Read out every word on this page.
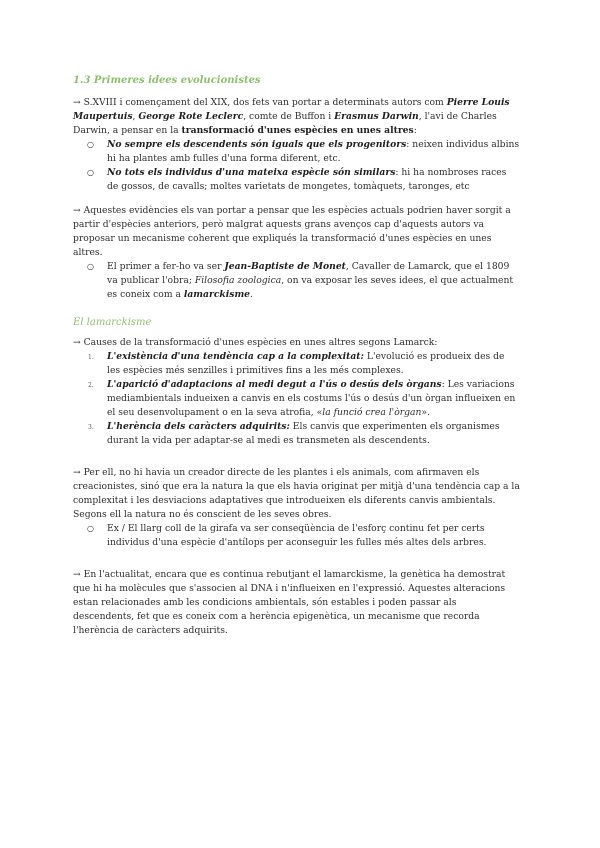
1.3 Primeres idees evolucionistes

→ S.XVIII i començament del XIX, dos fets van portar a determinats autors com Pierre Louis Maupertuis, George Rote Leclerc, comte de Buffon i Erasmus Darwin, l'avi de Charles Darwin, a pensar en la transformació d'unes espècies en unes altres:

○ No sempre els descendents són iguals que els progenitors: neixen individus albins hi ha plantes amb fulles d'una forma diferent, etc.
○ No tots els individus d'una mateixa espècie són similars: hi ha nombroses races de gossos, de cavalls; moltes varietats de mongetes, tomàquets, taronges, etc

→ Aquestes evidències els van portar a pensar que les espècies actuals podrien haver sorgit a partir d'espècies anteriors, però malgrat aquests grans avenços cap d'aquests autors va proposar un mecanisme coherent que expliqués la transformació d'unes espècies en unes altres.

○ El primer a fer-ho va ser Jean-Baptiste de Monet, Cavaller de Lamarck, que el 1809 va publicar l'obra; Filosofia zoologica, on va exposar les seves idees, el que actualment es coneix com a lamarckisme.
El lamarckisme

→ Causes de la transformació d'unes espècies en unes altres segons Lamarck:

1. L'existència d'una tendència cap a la complexitat: L'evolució es produeix des de les espècies més senzilles i primitives fins a les més complexes.
2. L'aparició d'adaptacions al medi degut a l'ús o desús dels òrgans: Les variacions mediambientals indueixen a canvis en els costums l'ús o desús d'un òrgan influeixen en el seu desenvolupament o en la seva atrofia, «la funció crea l'òrgan».
3. L'herència dels caràcters adquirits: Els canvis que experimenten els organismes durant la vida per adaptar-se al medi es transmeten als descendents.

→ Per ell, no hi havia un creador directe de les plantes i els animals, com afirmaven els creacionistes, sinó que era la natura la que els havia originat per mitjà d'una tendència cap a la complexitat i les desviacions adaptatives que introdueixen els diferents canvis ambientals. Segons ell la natura no és conscient de les seves obres.

○ Ex / El llarg coll de la girafa va ser conseqüència de l'esforç continu fet per certs individus d'una espècie d'antílops per aconseguir les fulles més altes dels arbres.

→ En l'actualitat, encara que es continua rebutjant el lamarckisme, la genètica ha demostrat que hi ha molècules que s'associen al DNA i n'influeixen en l'expressió. Aquestes alteracions estan relacionades amb les condicions ambientals, són estables i poden passar als descendents, fet que es coneix com a herència epigenètica, un mecanisme que recorda l'herència de caràcters adquirits.
